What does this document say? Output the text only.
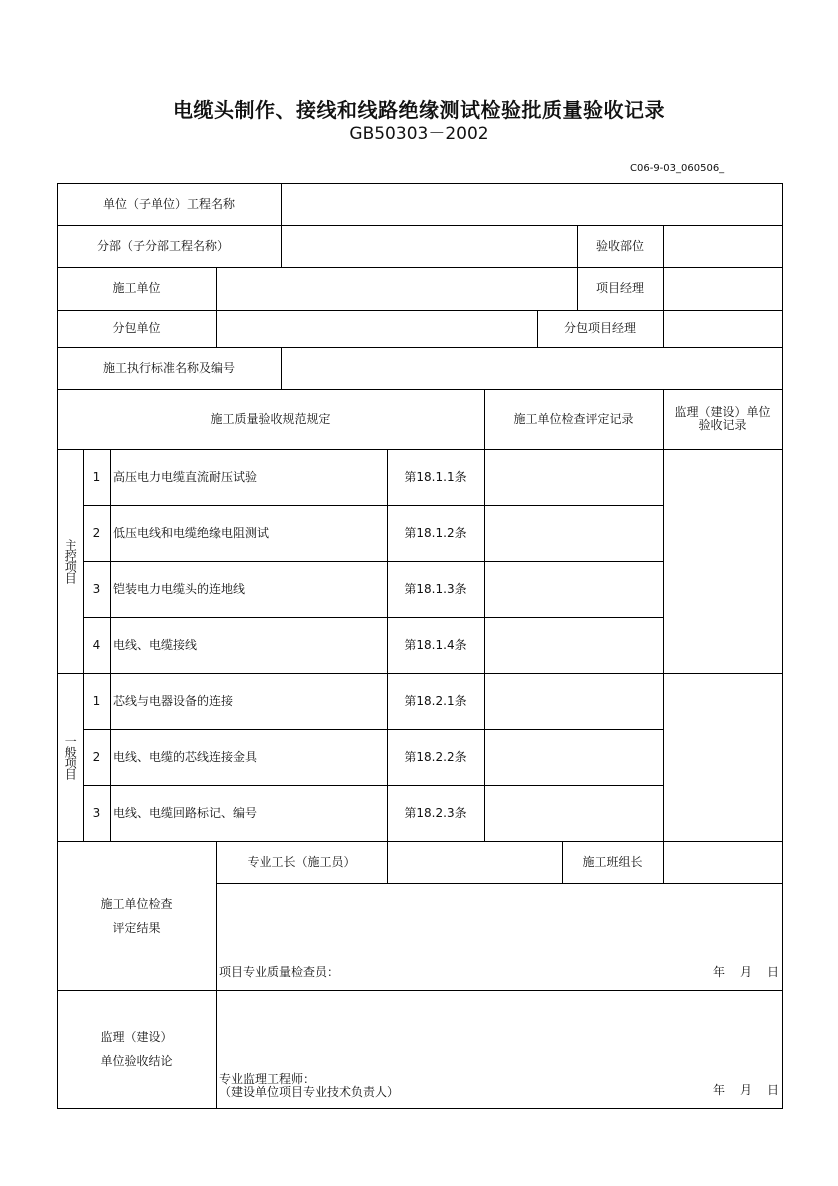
电缆头制作、接线和线路绝缘测试检验批质量验收记录
GB50303－2002
C06-9-03_060506_
单位（子单位）工程名称
分部（子分部工程名称）	验收部位
施工单位	项目经理
分包单位	分包项目经理
施工执行标准名称及编号
施工质量验收规范规定	施工单位检查评定记录	监理（建设）单位
验收记录
主控项目
1	高压电力电缆直流耐压试验	第18.1.1条
2	低压电线和电缆绝缘电阻测试	第18.1.2条
3	铠装电力电缆头的连地线	第18.1.3条
4	电线、电缆接线	第18.1.4条
一般项目
1	芯线与电器设备的连接	第18.2.1条
2	电线、电缆的芯线连接金具	第18.2.2条
3	电线、电缆回路标记、编号	第18.2.3条
施工单位检查
评定结果
专业工长（施工员）	施工班组长
项目专业质量检查员：	年 月 日
监理（建设）
单位验收结论
专业监理工程师：
（建设单位项目专业技术负责人）	年 月 日
